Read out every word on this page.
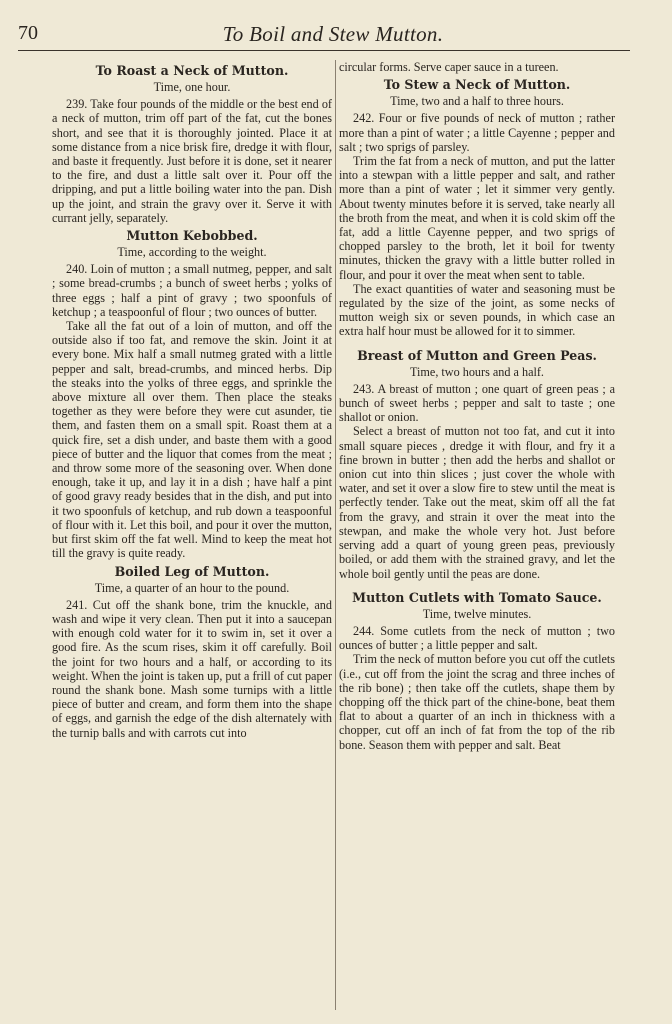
70	To Boil and Stew Mutton.
To Roast a Neck of Mutton.

Time, one hour.

239. Take four pounds of the middle or the best end of a neck of mutton, trim off part of the fat, cut the bones short, and see that it is thoroughly jointed. Place it at some distance from a nice brisk fire, dredge it with flour, and baste it frequently. Just before it is done, set it nearer to the fire, and dust a little salt over it. Pour off the dripping, and put a little boiling water into the pan. Dish up the joint, and strain the gravy over it. Serve it with currant jelly, separately.

Mutton Kebobbed.

Time, according to the weight.

240. Loin of mutton ; a small nutmeg, pepper, and salt ; some bread-crumbs ; a bunch of sweet herbs ; yolks of three eggs ; half a pint of gravy ; two spoonfuls of ketchup ; a teaspoonful of flour ; two ounces of butter.

Take all the fat out of a loin of mutton, and off the outside also if too fat, and remove the skin. Joint it at every bone. Mix half a small nutmeg grated with a little pepper and salt, bread-crumbs, and minced herbs. Dip the steaks into the yolks of three eggs, and sprinkle the above mixture all over them. Then place the steaks together as they were before they were cut asunder, tie them, and fasten them on a small spit. Roast them at a quick fire, set a dish under, and baste them with a good piece of butter and the liquor that comes from the meat ; and throw some more of the seasoning over. When done enough, take it up, and lay it in a dish ; have half a pint of good gravy ready besides that in the dish, and put into it two spoonfuls of ketchup, and rub down a teaspoonful of flour with it. Let this boil, and pour it over the mutton, but first skim off the fat well. Mind to keep the meat hot till the gravy is quite ready.

Boiled Leg of Mutton.

Time, a quarter of an hour to the pound.

241. Cut off the shank bone, trim the knuckle, and wash and wipe it very clean. Then put it into a saucepan with enough cold water for it to swim in, set it over a good fire. As the scum rises, skim it off carefully. Boil the joint for two hours and a half, or according to its weight. When the joint is taken up, put a frill of cut paper round the shank bone. Mash some turnips with a little piece of butter and cream, and form them into the shape of eggs, and garnish the edge of the dish alternately with the turnip balls and with carrots cut into

circular forms. Serve caper sauce in a tureen.

To Stew a Neck of Mutton.

Time, two and a half to three hours.

242. Four or five pounds of neck of mutton ; rather more than a pint of water ; a little Cayenne ; pepper and salt ; two sprigs of parsley.

Trim the fat from a neck of mutton, and put the latter into a stewpan with a little pepper and salt, and rather more than a pint of water ; let it simmer very gently. About twenty minutes before it is served, take nearly all the broth from the meat, and when it is cold skim off the fat, add a little Cayenne pepper, and two sprigs of chopped parsley to the broth, let it boil for twenty minutes, thicken the gravy with a little butter rolled in flour, and pour it over the meat when sent to table.

The exact quantities of water and seasoning must be regulated by the size of the joint, as some necks of mutton weigh six or seven pounds, in which case an extra half hour must be allowed for it to simmer.

Breast of Mutton and Green Peas.

Time, two hours and a half.

243. A breast of mutton ; one quart of green peas ; a bunch of sweet herbs ; pepper and salt to taste ; one shallot or onion.

Select a breast of mutton not too fat, and cut it into small square pieces , dredge it with flour, and fry it a fine brown in butter ; then add the herbs and shallot or onion cut into thin slices ; just cover the whole with water, and set it over a slow fire to stew until the meat is perfectly tender. Take out the meat, skim off all the fat from the gravy, and strain it over the meat into the stewpan, and make the whole very hot. Just before serving add a quart of young green peas, previously boiled, or add them with the strained gravy, and let the whole boil gently until the peas are done.

Mutton Cutlets with Tomato Sauce.

Time, twelve minutes.

244. Some cutlets from the neck of mutton ; two ounces of butter ; a little pepper and salt.

Trim the neck of mutton before you cut off the cutlets (i.e., cut off from the joint the scrag and three inches of the rib bone) ; then take off the cutlets, shape them by chopping off the thick part of the chine-bone, beat them flat to about a quarter of an inch in thickness with a chopper, cut off an inch of fat from the top of the rib bone. Season them with pepper and salt. Beat
